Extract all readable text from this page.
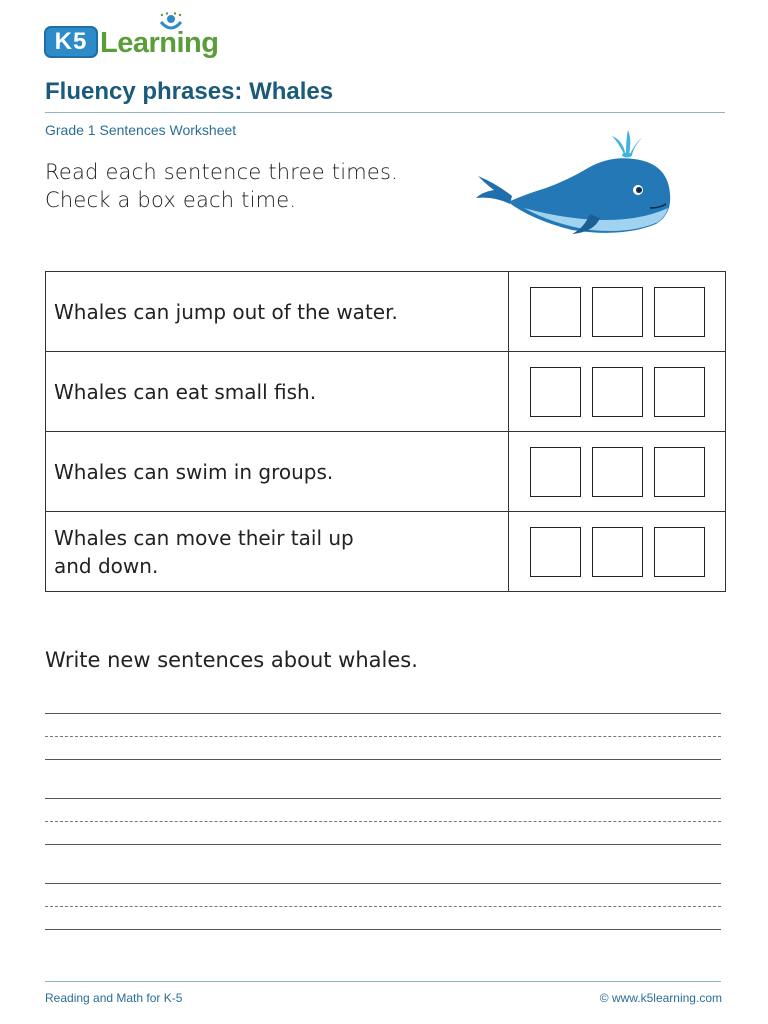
K5 Learning
Fluency phrases: Whales
Grade 1 Sentences Worksheet
Read each sentence three times.
Check a box each time.
Whales can jump out of the water.	

Whales can eat small fish.	

Whales can swim in groups.	

Whales can move their tail up
and down.	

Write new sentences about whales.
Reading and Math for K-5	© www.k5learning.com
